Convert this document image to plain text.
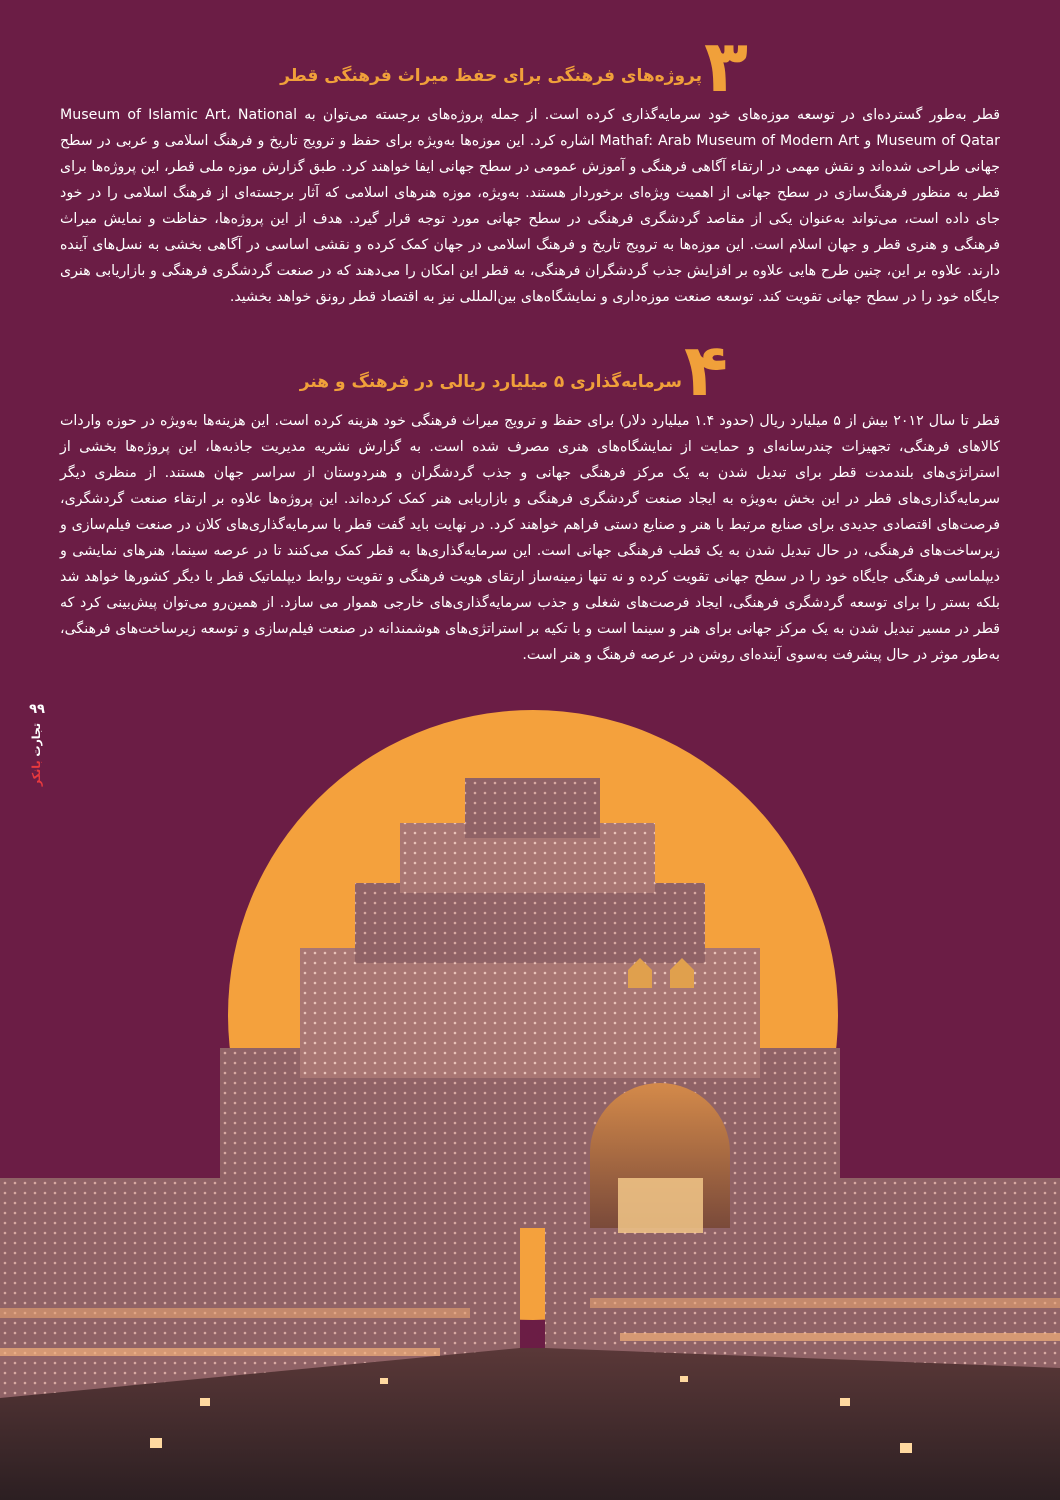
۳
پروژه‌های فرهنگی برای حفظ میراث فرهنگی قطر

قطر به‌طور گسترده‌ای در توسعه موزه‌های خود سرمایه‌گذاری کرده است. از جمله پروژه‌های برجسته می‌توان به Museum of Islamic Art، National Museum of Qatar و Mathaf: Arab Museum of Modern Art اشاره کرد. این موزه‌ها به‌ویژه برای حفظ و ترویج تاریخ و فرهنگ اسلامی و عربی در سطح جهانی طراحی شده‌اند و نقش مهمی در ارتقاء آگاهی فرهنگی و آموزش عمومی در سطح جهانی ایفا خواهند کرد. طبق گزارش موزه ملی قطر، این پروژه‌ها برای قطر به منظور فرهنگ‌سازی در سطح جهانی از اهمیت ویژه‌ای برخوردار هستند. به‌ویژه، موزه هنرهای اسلامی که آثار برجسته‌ای از فرهنگ اسلامی را در خود جای داده است، می‌تواند به‌عنوان یکی از مقاصد گردشگری فرهنگی در سطح جهانی مورد توجه قرار گیرد. هدف از این پروژه‌ها، حفاظت و نمایش میراث فرهنگی و هنری قطر و جهان اسلام است. این موزه‌ها به ترویج تاریخ و فرهنگ اسلامی در جهان کمک کرده و نقشی اساسی در آگاهی بخشی به نسل‌های آینده دارند. علاوه بر این، چنین طرح هایی علاوه بر افزایش جذب گردشگران فرهنگی، به قطر این امکان را می‌دهند که در صنعت گردشگری فرهنگی و بازاریابی هنری جایگاه خود را در سطح جهانی تقویت کند. توسعه صنعت موزه‌داری و نمایشگاه‌های بین‌المللی نیز به اقتصاد قطر رونق خواهد بخشید.

۴
سرمایه‌گذاری ۵ میلیارد ریالی در فرهنگ و هنر

قطر تا سال ۲۰۱۲ بیش از ۵ میلیارد ریال (حدود ۱.۴ میلیارد دلار) برای حفظ و ترویج میراث فرهنگی خود هزینه کرده است. این هزینه‌ها به‌ویژه در حوزه واردات کالاهای فرهنگی، تجهیزات چندرسانه‌ای و حمایت از نمایشگاه‌های هنری مصرف شده است. به گزارش نشریه مدیریت جاذبه‌ها، این پروژه‌ها بخشی از استراتژی‌های بلندمدت قطر برای تبدیل شدن به یک مرکز فرهنگی جهانی و جذب گردشگران و هنردوستان از سراسر جهان هستند. از منظری دیگر سرمایه‌گذاری‌های قطر در این بخش به‌ویژه به ایجاد صنعت گردشگری فرهنگی و بازاریابی هنر کمک کرده‌اند. این پروژه‌ها علاوه بر ارتقاء صنعت گردشگری، فرصت‌های اقتصادی جدیدی برای صنایع مرتبط با هنر و صنایع دستی فراهم خواهند کرد. در نهایت باید گفت قطر با سرمایه‌گذاری‌های کلان در صنعت فیلم‌سازی و زیرساخت‌های فرهنگی، در حال تبدیل شدن به یک قطب فرهنگی جهانی است. این سرمایه‌گذاری‌ها به قطر کمک می‌کنند تا در عرصه سینما، هنرهای نمایشی و دیپلماسی فرهنگی جایگاه خود را در سطح جهانی تقویت کرده و نه تنها زمینه‌ساز ارتقای هویت فرهنگی و تقویت روابط دیپلماتیک قطر با دیگر کشورها خواهد شد بلکه بستر را برای توسعه گردشگری فرهنگی، ایجاد فرصت‌های شغلی و جذب سرمایه‌گذاری‌های خارجی هموار می سازد. از همین‌رو می‌توان پیش‌بینی کرد که قطر در مسیر تبدیل شدن به یک مرکز جهانی برای هنر و سینما است و با تکیه بر استراتژی‌های هوشمندانه در صنعت فیلم‌سازی و توسعه زیرساخت‌های فرهنگی، به‌طور موثر در حال پیشرفت به‌سوی آینده‌ای روشن در عرصه فرهنگ و هنر است.

۹۹
تجارت بانکر
